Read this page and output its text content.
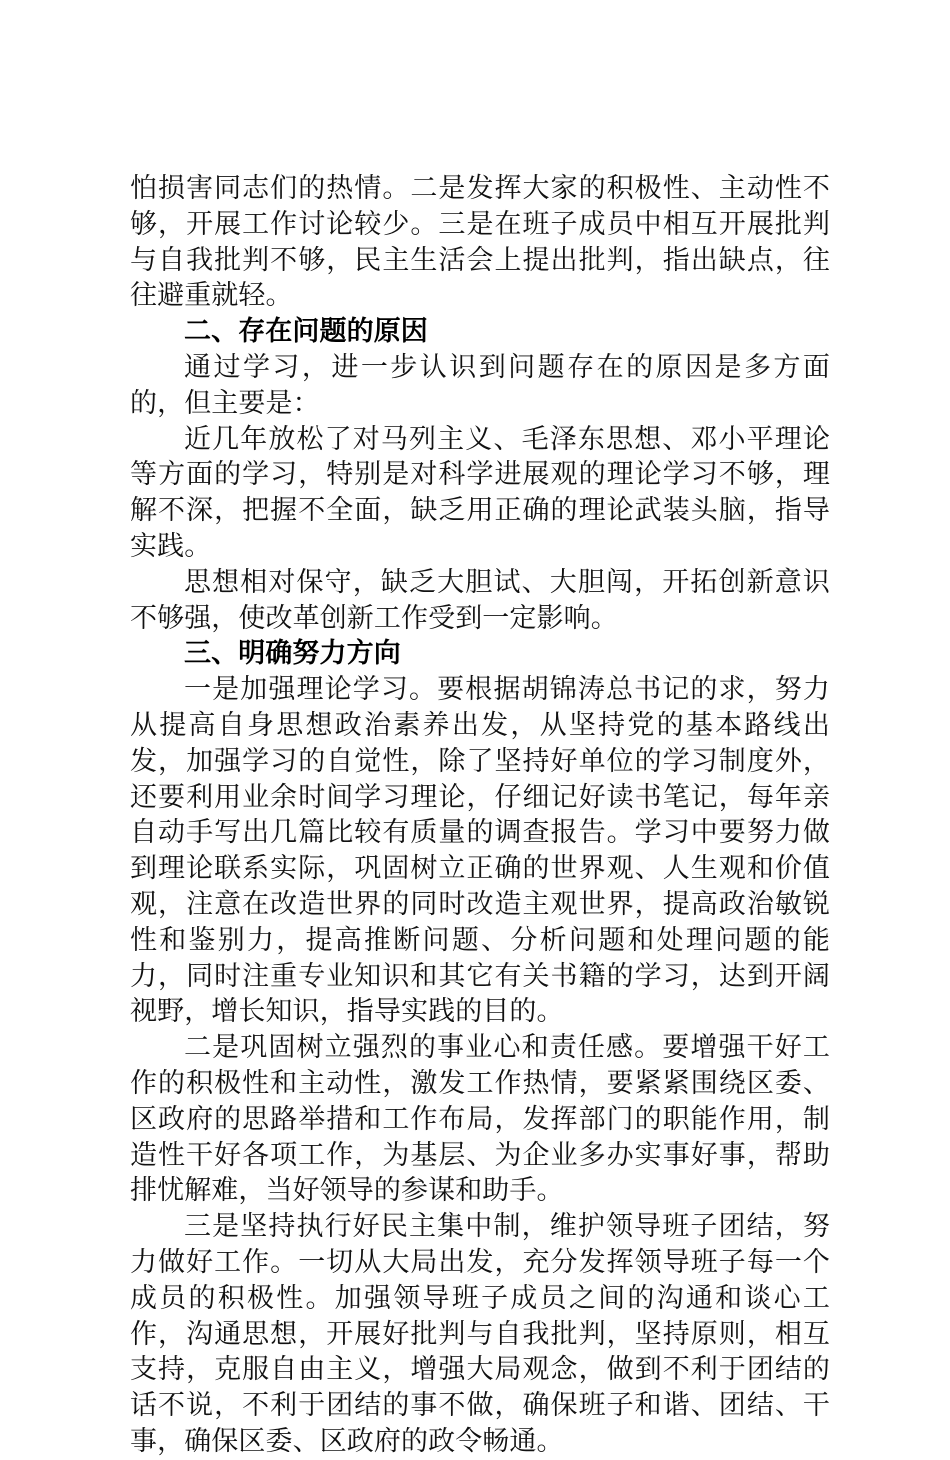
怕损害同志们的热情。二是发挥大家的积极性、主动性不够，开展工作讨论较少。三是在班子成员中相互开展批判与自我批判不够，民主生活会上提出批判，指出缺点，往往避重就轻。

二、存在问题的原因

通过学习，进一步认识到问题存在的原因是多方面的，但主要是：

近几年放松了对马列主义、毛泽东思想、邓小平理论等方面的学习，特别是对科学进展观的理论学习不够，理解不深，把握不全面，缺乏用正确的理论武装头脑，指导实践。

思想相对保守，缺乏大胆试、大胆闯，开拓创新意识不够强，使改革创新工作受到一定影响。

三、明确努力方向

一是加强理论学习。要根据胡锦涛总书记的求，努力从提高自身思想政治素养出发，从坚持党的基本路线出发，加强学习的自觉性，除了坚持好单位的学习制度外，还要利用业余时间学习理论，仔细记好读书笔记，每年亲自动手写出几篇比较有质量的调查报告。学习中要努力做到理论联系实际，巩固树立正确的世界观、人生观和价值观，注意在改造世界的同时改造主观世界，提高政治敏锐性和鉴别力，提高推断问题、分析问题和处理问题的能力，同时注重专业知识和其它有关书籍的学习，达到开阔视野，增长知识，指导实践的目的。

二是巩固树立强烈的事业心和责任感。要增强干好工作的积极性和主动性，激发工作热情，要紧紧围绕区委、区政府的思路举措和工作布局，发挥部门的职能作用，制造性干好各项工作，为基层、为企业多办实事好事，帮助排忧解难，当好领导的参谋和助手。

三是坚持执行好民主集中制，维护领导班子团结，努力做好工作。一切从大局出发，充分发挥领导班子每一个成员的积极性。加强领导班子成员之间的沟通和谈心工作，沟通思想，开展好批判与自我批判，坚持原则，相互支持，克服自由主义，增强大局观念，做到不利于团结的话不说，不利于团结的事不做，确保班子和谐、团结、干事，确保区委、区政府的政令畅通。
